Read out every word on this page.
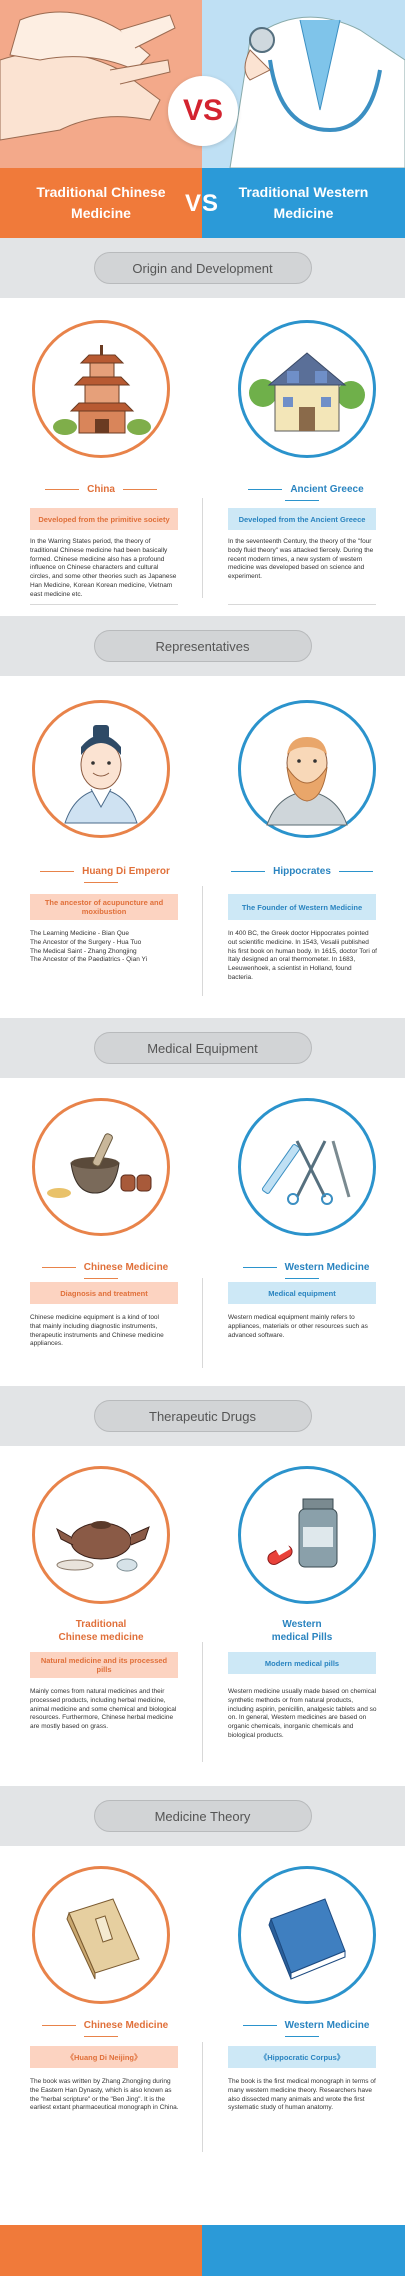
VS
Traditional Chinese Medicine
Traditional Western Medicine
VS
Origin and Development
China	Ancient Greece
Developed from the primitive society	Developed from the Ancient Greece
In the Warring States period, the theory of traditional Chinese medicine had been basically formed. Chinese medicine also has a profound influence on Chinese characters and cultural circles, and some other theories such as Japanese Han Medicine, Korean Korean medicine, Vietnam east medicine etc.
In the seventeenth Century, the theory of the "four body fluid theory" was attacked fiercely. During the recent modern times, a new system of western medicine was developed based on science and experiment.
Representatives
Huang Di Emperor	Hippocrates
The ancestor of acupuncture and moxibustion	The Founder of Western Medicine
The Learning Medicine - Bian Que
The Ancestor of the Surgery - Hua Tuo
The Medical Saint - Zhang Zhongjing
The Ancestor of the Paediatrics - Qian Yi
In 400 BC, the Greek doctor Hippocrates pointed out scientific medicine. In 1543, Vesalii published his first book on human body. In 1615, doctor Tori of Italy designed an oral thermometer. In 1683, Leeuwenhoek, a scientist in Holland, found bacteria.
Medical Equipment
Chinese Medicine	Western Medicine
Diagnosis and treatment	Medical equipment
Chinese medicine equipment is a kind of tool that mainly including diagnostic instruments, therapeutic instruments and Chinese medicine appliances.
Western medical equipment mainly refers to appliances, materials or other resources such as advanced software.
Therapeutic Drugs
Traditional
Chinese medicine
Western
medical Pills
Natural medicine and its processed pills
Modern medical pills
Mainly comes from natural medicines and their processed products, including herbal medicine, animal medicine and some chemical and biological resources. Furthermore, Chinese herbal medicine are mostly based on grass.
Western medicine usually made based on chemical synthetic methods or from natural products, including aspirin, penicillin, analgesic tablets and so on. In general, Western medicines are based on organic chemicals, inorganic chemicals and biological products.
Medicine Theory
Chinese Medicine	Western Medicine
《Huang Di Neijing》	《Hippocratic Corpus》
The book was written by Zhang Zhongjing during the Eastern Han Dynasty, which is also known as the "herbal scripture" or the "Ben Jing". It is the earliest extant pharmaceutical monograph in China.
The book is the first medical monograph in terms of many western medicine theory. Researchers have also dissected many animals and wrote the first systematic study of human anatomy.
